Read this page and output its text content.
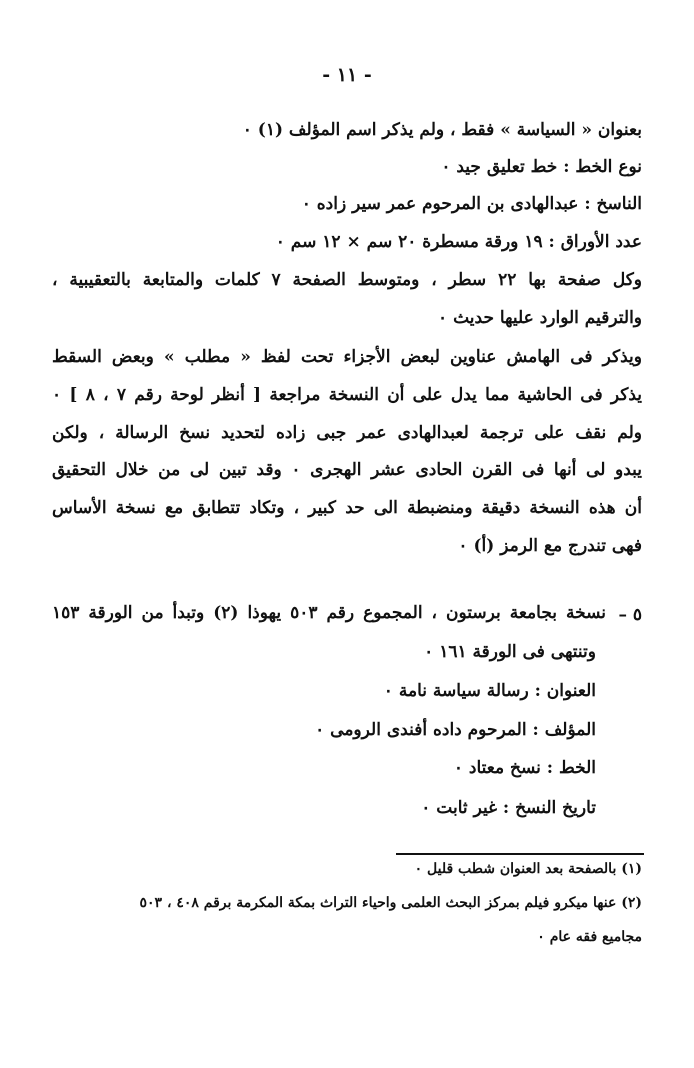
- ١١ -
بعنوان « السياسة » فقط ، ولم يذكر اسم المؤلف (١) ٠
نوع الخط : خط تعليق جيد ٠
الناسخ : عبدالهادى بن المرحوم عمر سير زاده ٠
عدد الأوراق : ١٩ ورقة مسطرة ٢٠ سم × ١٢ سم ٠
وكل صفحة بها ٢٢ سطر ، ومتوسط الصفحة ٧ كلمات والمتابعة بالتعقيبية ،
والترقيم الوارد عليها حديث ٠
ويذكر فى الهامش عناوين لبعض الأجزاء تحت لفظ « مطلب » وبعض السقط
يذكر فى الحاشية مما يدل على أن النسخة مراجعة [ أنظر لوحة رقم ٧ ، ٨ ] ٠
ولم نقف على ترجمة لعبدالهادى عمر جبى زاده لتحديد نسخ الرسالة ، ولكن
يبدو لى أنها فى القرن الحادى عشر الهجرى ٠ وقد تبين لى من خلال التحقيق
أن هذه النسخة دقيقة ومنضبطة الى حد كبير ، وتكاد تتطابق مع نسخة الأساس
فهى تندرج مع الرمز (أ) ٠
٥ –
نسخة بجامعة برستون ، المجموع رقم ٥٠٣ يهوذا (٢) وتبدأ من الورقة ١٥٣
وتنتهى فى الورقة ١٦١ ٠
العنوان : رسالة سياسة نامة ٠
المؤلف : المرحوم داده أفندى الرومى ٠
الخط : نسخ معتاد ٠
تاريخ النسخ : غير ثابت ٠
(١) بالصفحة بعد العنوان شطب قليل ٠
(٢) عنها ميكرو فيلم بمركز البحث العلمى واحياء التراث بمكة المكرمة برقم ٤٠٨ ، ٥٠٣
مجاميع فقه عام ٠
